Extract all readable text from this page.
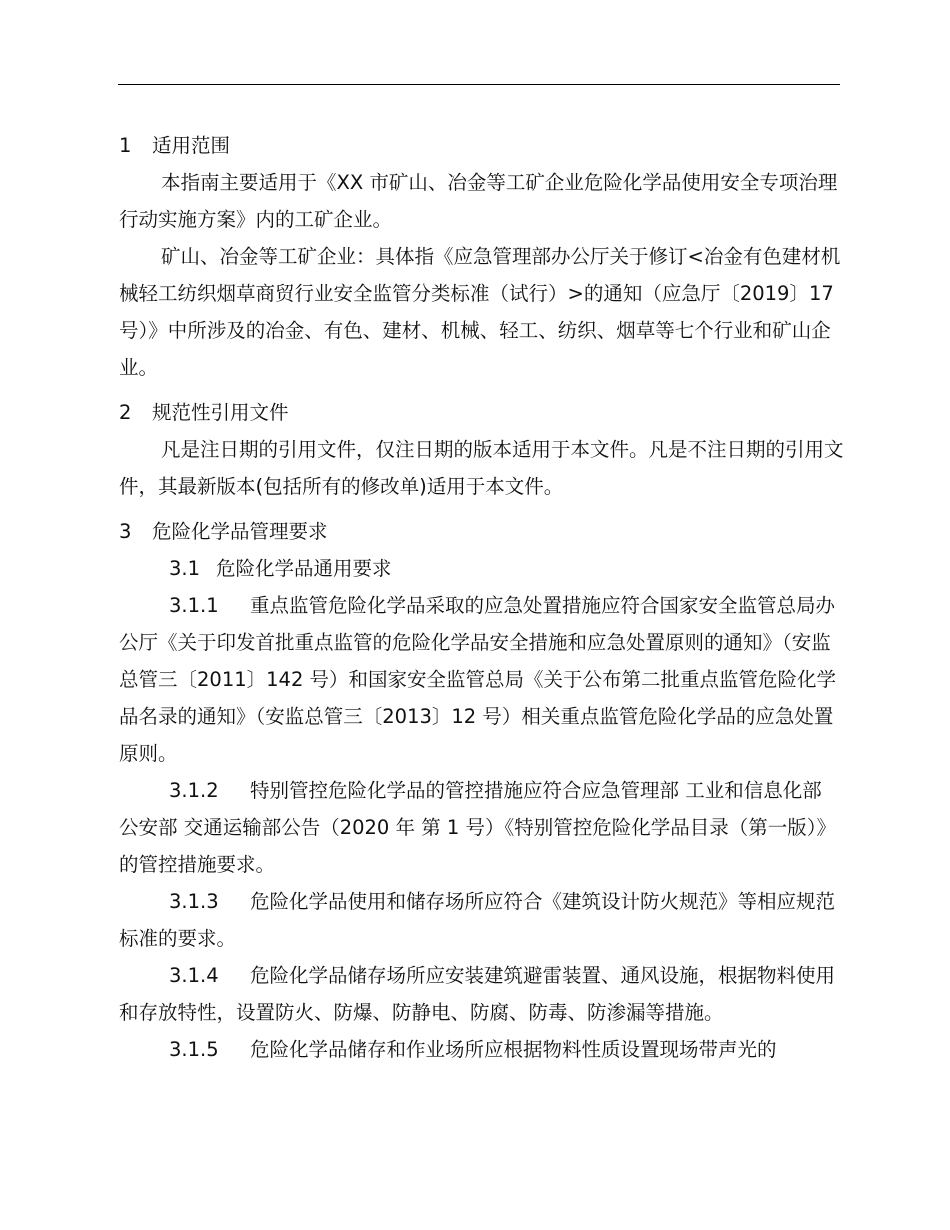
1 适用范围

本指南主要适用于《XX 市矿山、冶金等工矿企业危险化学品使用安全专项治理行动实施方案》内的工矿企业。

矿山、冶金等工矿企业：具体指《应急管理部办公厅关于修订<冶金有色建材机械轻工纺织烟草商贸行业安全监管分类标准（试行）>的通知（应急厅〔2019〕17 号）》中所涉及的冶金、有色、建材、机械、轻工、纺织、烟草等七个行业和矿山企业。

2 规范性引用文件

凡是注日期的引用文件，仅注日期的版本适用于本文件。凡是不注日期的引用文件，其最新版本(包括所有的修改单)适用于本文件。

3 危险化学品管理要求

3.1 危险化学品通用要求

3.1.1 重点监管危险化学品采取的应急处置措施应符合国家安全监管总局办公厅《关于印发首批重点监管的危险化学品安全措施和应急处置原则的通知》（安监总管三〔2011〕142 号）和国家安全监管总局《关于公布第二批重点监管危险化学品名录的通知》（安监总管三〔2013〕12 号）相关重点监管危险化学品的应急处置原则。

3.1.2 特别管控危险化学品的管控措施应符合应急管理部 工业和信息化部 公安部 交通运输部公告（2020 年 第 1 号）《特别管控危险化学品目录（第一版）》的管控措施要求。

3.1.3 危险化学品使用和储存场所应符合《建筑设计防火规范》等相应规范标准的要求。

3.1.4 危险化学品储存场所应安装建筑避雷装置、通风设施，根据物料使用和存放特性，设置防火、防爆、防静电、防腐、防毒、防渗漏等措施。

3.1.5 危险化学品储存和作业场所应根据物料性质设置现场带声光的
